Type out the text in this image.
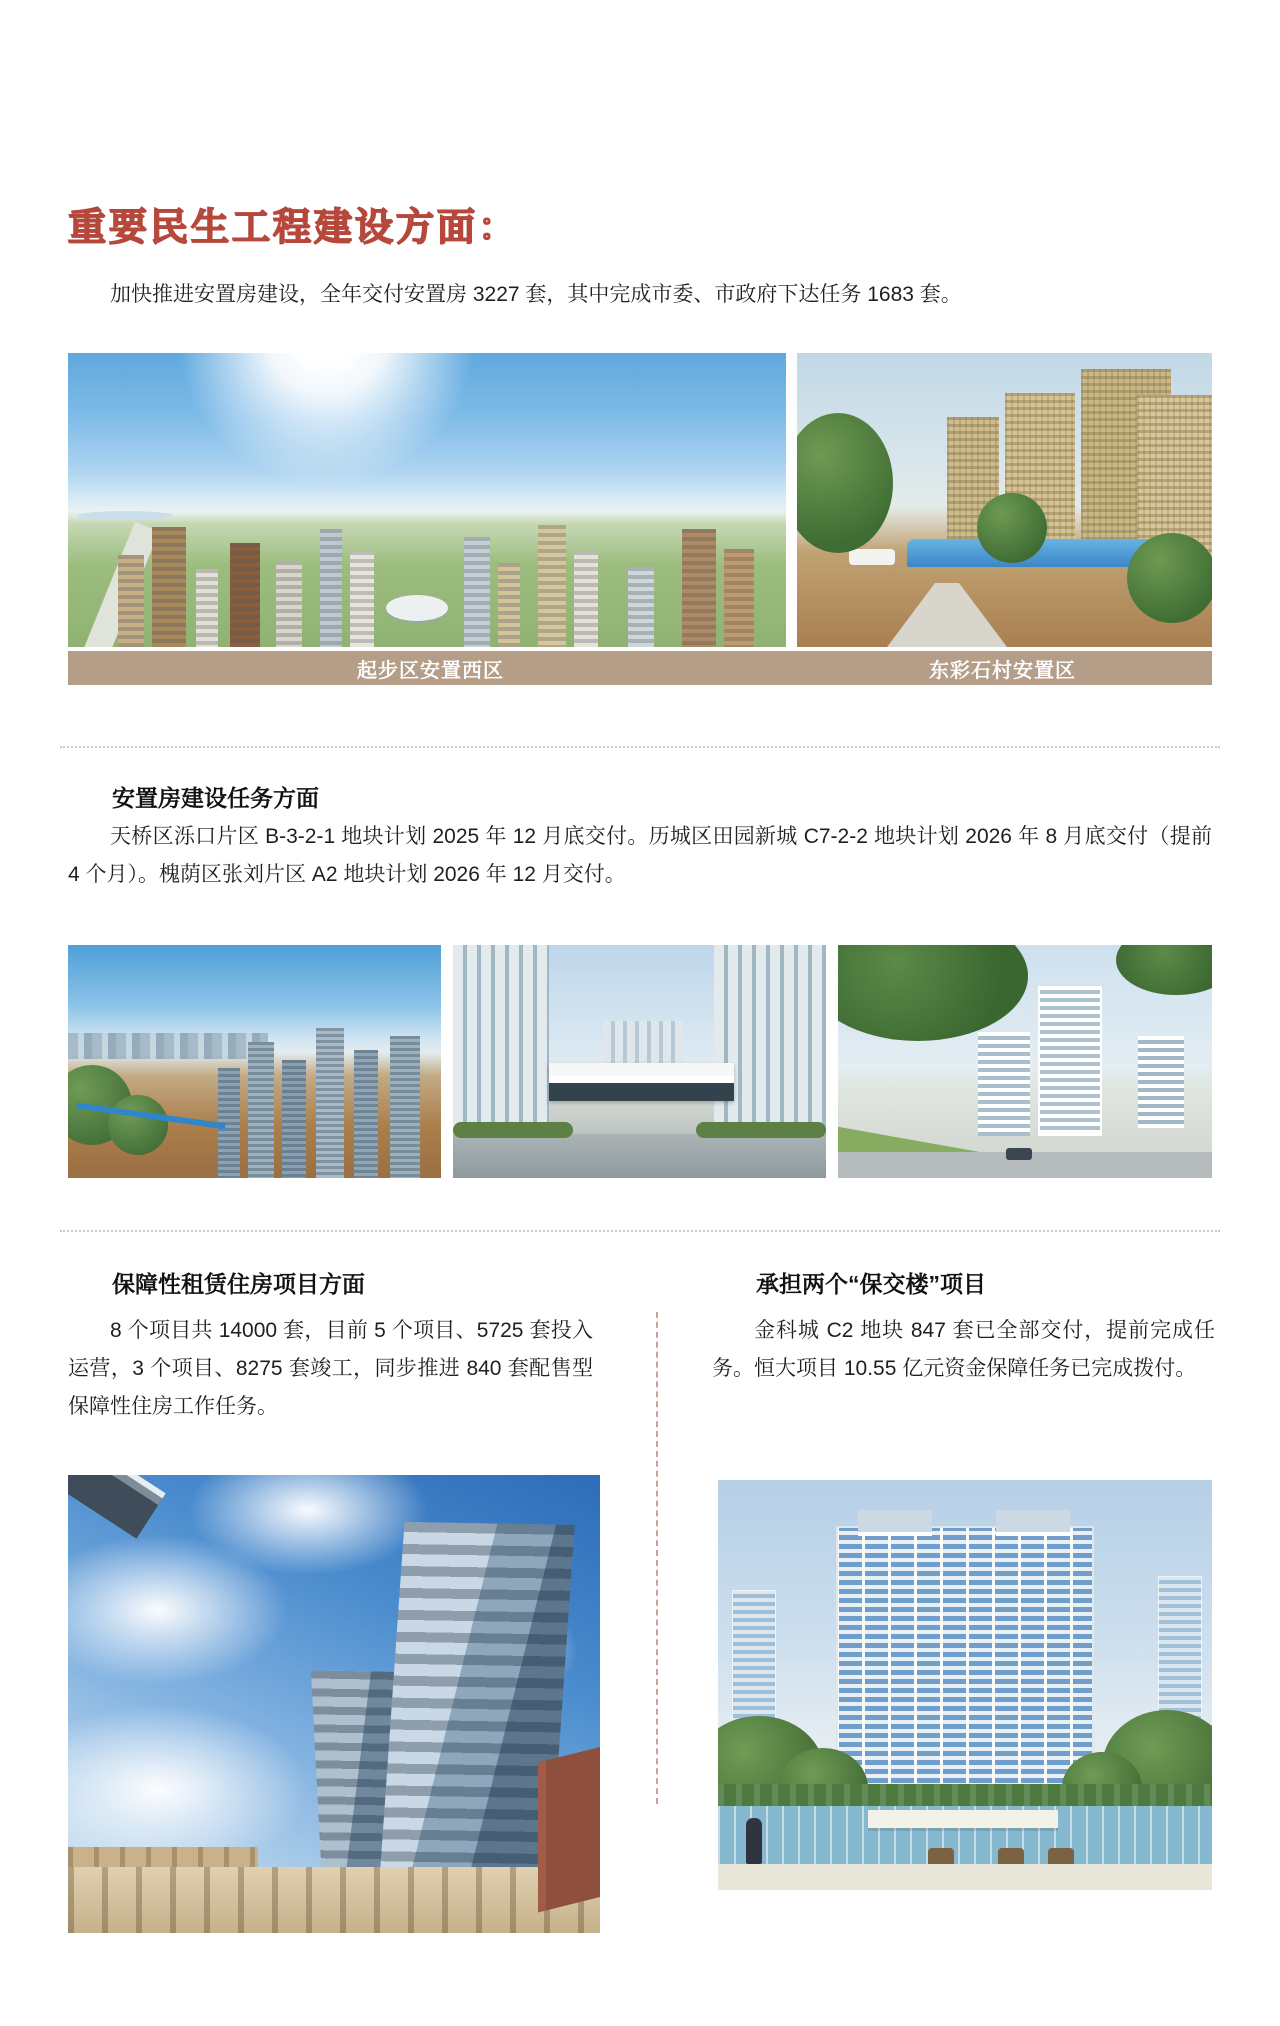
重要民生工程建设方面：
加快推进安置房建设，全年交付安置房 3227 套，其中完成市委、市政府下达任务 1683 套。
起步区安置西区	东彩石村安置区
安置房建设任务方面
天桥区泺口片区 B-3-2-1 地块计划 2025 年 12 月底交付。历城区田园新城 C7-2-2 地块计划 2026 年 8 月底交付（提前 4 个月）。槐荫区张刘片区 A2 地块计划 2026 年 12 月交付。
保障性租赁住房项目方面	承担两个“保交楼”项目
8 个项目共 14000 套，目前 5 个项目、5725 套投入运营，3 个项目、8275 套竣工，同步推进 840 套配售型保障性住房工作任务。
金科城 C2 地块 847 套已全部交付，提前完成任务。恒大项目 10.55 亿元资金保障任务已完成拨付。
